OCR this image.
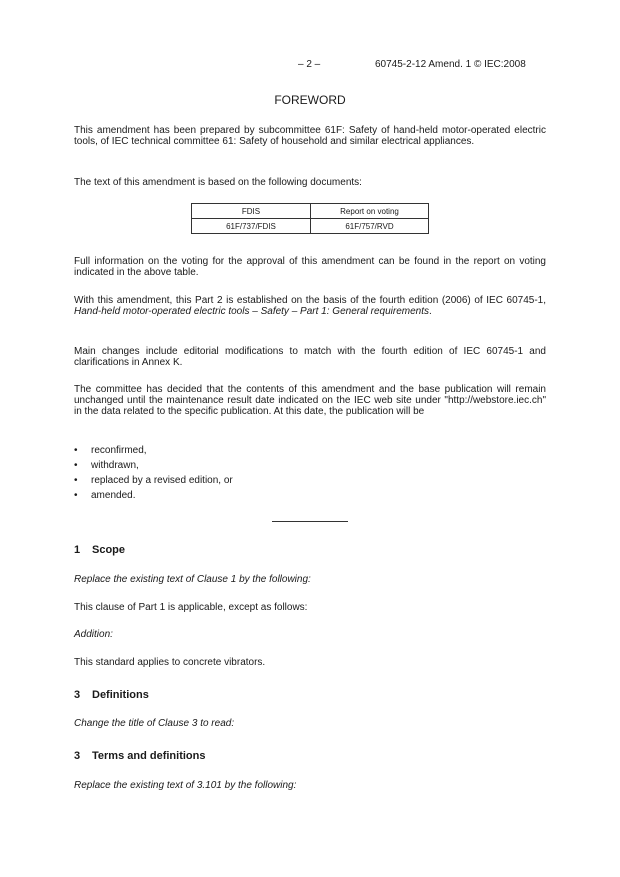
– 2 –	60745-2-12 Amend. 1 © IEC:2008
FOREWORD
This amendment has been prepared by subcommittee 61F: Safety of hand-held motor-operated electric tools, of IEC technical committee 61: Safety of household and similar electrical appliances.
The text of this amendment is based on the following documents:
FDIS	Report on voting
61F/737/FDIS	61F/757/RVD
Full information on the voting for the approval of this amendment can be found in the report on voting indicated in the above table.
With this amendment, this Part 2 is established on the basis of the fourth edition (2006) of IEC 60745-1, Hand-held motor-operated electric tools – Safety – Part 1: General requirements.
Main changes include editorial modifications to match with the fourth edition of IEC 60745-1 and clarifications in Annex K.
The committee has decided that the contents of this amendment and the base publication will remain unchanged until the maintenance result date indicated on the IEC web site under "http://webstore.iec.ch" in the data related to the specific publication. At this date, the publication will be
• reconfirmed,
• withdrawn,
• replaced by a revised edition, or
• amended.
1 Scope
Replace the existing text of Clause 1 by the following:
This clause of Part 1 is applicable, except as follows:
Addition:
This standard applies to concrete vibrators.
3 Definitions
Change the title of Clause 3 to read:
3 Terms and definitions
Replace the existing text of 3.101 by the following:
